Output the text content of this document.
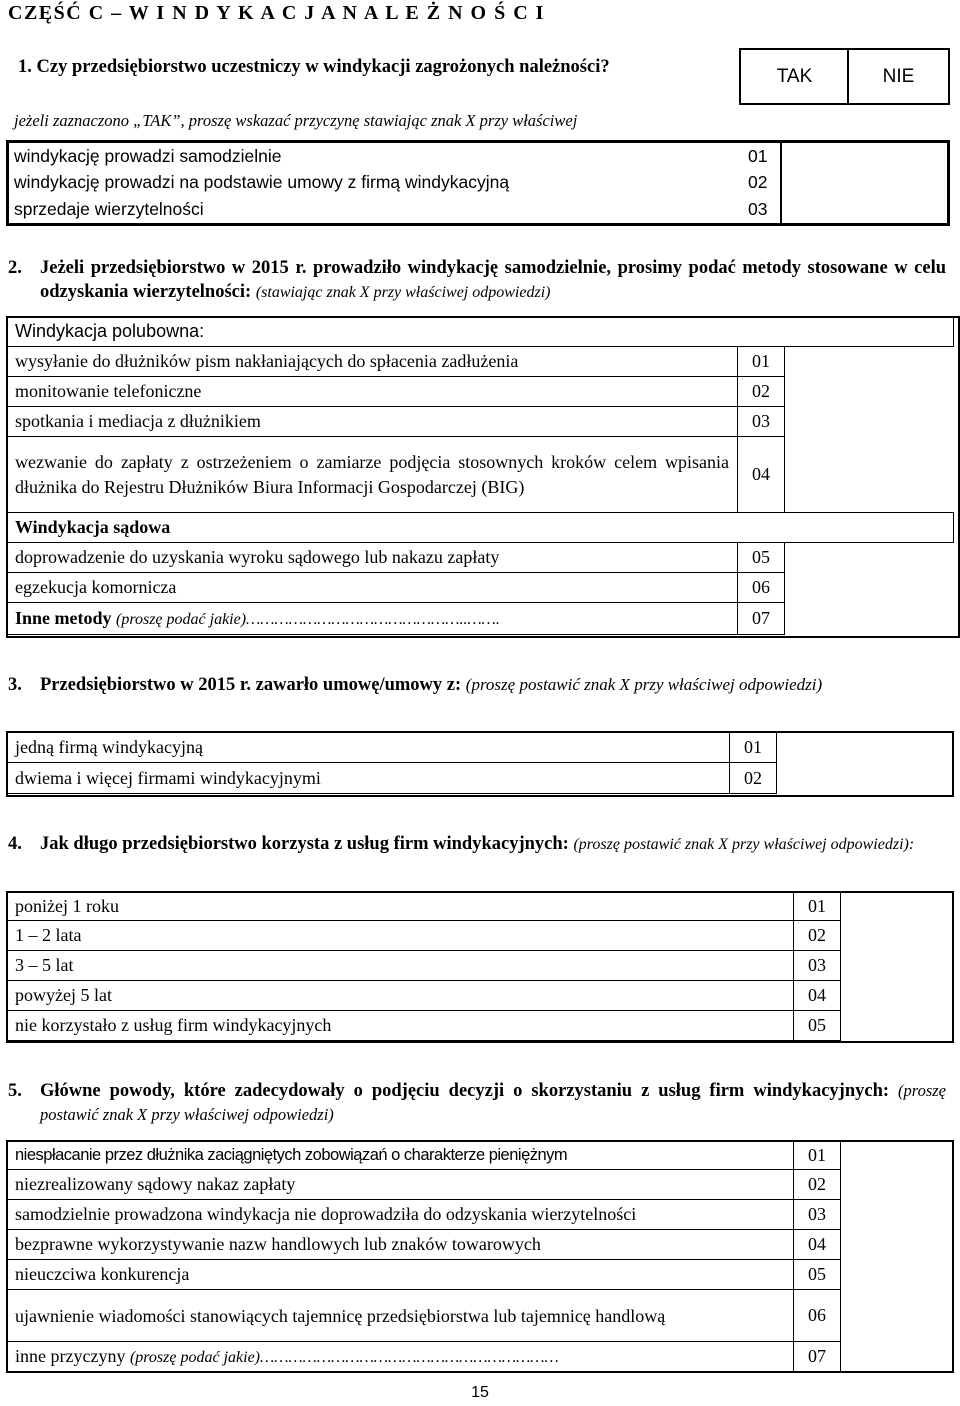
CZĘŚĆ C – W I N D Y K A C J A N A L E Ż N O Ś C I
1. Czy przedsiębiorstwo uczestniczy w windykacji zagrożonych należności?	TAK	NIE
jeżeli zaznaczono „TAK”, proszę wskazać przyczynę stawiając znak X przy właściwej
windykację prowadzi samodzielnie	01
windykację prowadzi na podstawie umowy z firmą windykacyjną	02
sprzedaje wierzytelności	03
2. Jeżeli przedsiębiorstwo w 2015 r. prowadziło windykację samodzielnie, prosimy podać metody stosowane w celu odzyskania wierzytelności: (stawiając znak X przy właściwej odpowiedzi)
Windykacja polubowna:		
wysyłanie do dłużników pism nakłaniających do spłacenia zadłużenia	01	
monitowanie telefoniczne	02	
spotkania i mediacja z dłużnikiem	03	
wezwanie do zapłaty z ostrzeżeniem o zamiarze podjęcia stosownych kroków celem wpisania dłużnika do Rejestru Dłużników Biura Informacji Gospodarczej (BIG)	04	
Windykacja sądowa		
doprowadzenie do uzyskania wyroku sądowego lub nakazu zapłaty	05	
egzekucja komornicza	06	
Inne metody (proszę podać jakie)………………………………………..…….	07	
3. Przedsiębiorstwo w 2015 r. zawarło umowę/umowy z: (proszę postawić znak X przy właściwej odpowiedzi)
jedną firmą windykacyjną	01
dwiema i więcej firmami windykacyjnymi	02
4. Jak długo przedsiębiorstwo korzysta z usług firm windykacyjnych: (proszę postawić znak X przy właściwej odpowiedzi):
poniżej 1 roku	01
1 – 2 lata	02
3 – 5 lat	03
powyżej 5 lat	04
nie korzystało z usług firm windykacyjnych	05
5. Główne powody, które zadecydowały o podjęciu decyzji o skorzystaniu z usług firm windykacyjnych: (proszę postawić znak X przy właściwej odpowiedzi)
niespłacanie przez dłużnika zaciągniętych zobowiązań o charakterze pieniężnym	01
niezrealizowany sądowy nakaz zapłaty	02
samodzielnie prowadzona windykacja nie doprowadziła do odzyskania wierzytelności	03
bezprawne wykorzystywanie nazw handlowych lub znaków towarowych	04
nieuczciwa konkurencja	05
ujawnienie wiadomości stanowiących tajemnicę przedsiębiorstwa lub tajemnicę handlową	06
inne przyczyny (proszę podać jakie)………………………………………………………	07
15
